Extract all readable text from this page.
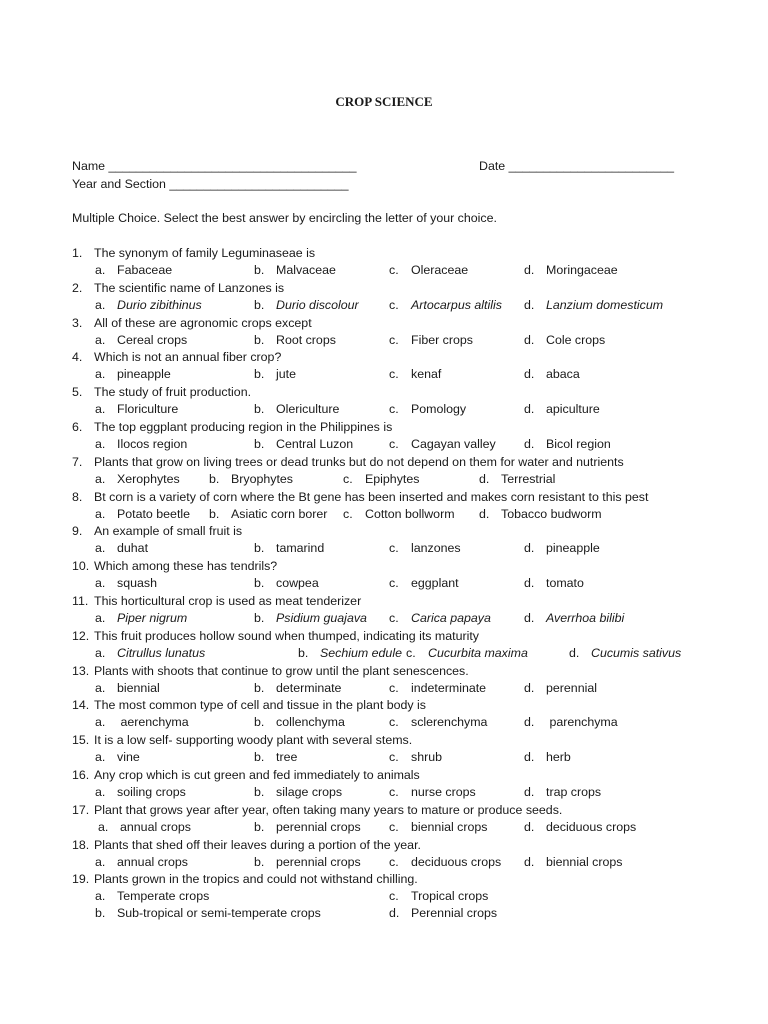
CROP SCIENCE
Name ____________________________________	Date ________________________
Year and Section __________________________
Multiple Choice. Select the best answer by encircling the letter of your choice.
1. The synonym of family Leguminaseae is
a. Fabaceae	b. Malvaceae	c. Oleraceae	d. Moringaceae
2. The scientific name of Lanzones is
a. Durio zibithinus	b. Durio discolour c. Artocarpus altilis d. Lanzium domesticum
3. All of these are agronomic crops except
a. Cereal crops	b. Root crops	c. Fiber crops	d. Cole crops
4. Which is not an annual fiber crop?
a. pineapple	b. jute	c. kenaf	d. abaca
5. The study of fruit production.
a. Floriculture	b. Olericulture	c. Pomology	d. apiculture
6. The top eggplant producing region in the Philippines is
a. Ilocos region	b. Central Luzon	c. Cagayan valley d. Bicol region
7. Plants that grow on living trees or dead trunks but do not depend on them for water and nutrients
a. Xerophytes b. Bryophytes	c. Epiphytes	d. Terrestrial
8. Bt corn is a variety of corn where the Bt gene has been inserted and makes corn resistant to this pest
a. Potato beetle b. Asiatic corn borer c. Cotton bollworm d. Tobacco budworm
9. An example of small fruit is
a. duhat	b. tamarind	c. lanzones	d. pineapple
10. Which among these has tendrils?
a. squash	b. cowpea	c. eggplant	d. tomato
11. This horticultural crop is used as meat tenderizer
a. Piper nigrum	b. Psidium guajava c. Carica papaya	d. Averrhoa bilibi
12. This fruit produces hollow sound when thumped, indicating its maturity
a. Citrullus lunatus	b. Sechium edule c. Cucurbita maxima	d. Cucumis sativus
13. Plants with shoots that continue to grow until the plant senescences.
a. biennial	b. determinate	c. indeterminate	d. perennial
14. The most common type of cell and tissue in the plant body is
a. aerenchyma	b. collenchyma	c. sclerenchyma	d. parenchyma
15. It is a low self- supporting woody plant with several stems.
a. vine	b. tree	c. shrub	d. herb
16. Any crop which is cut green and fed immediately to animals
a. soiling crops	b. silage crops	c. nurse crops	d. trap crops
17. Plant that grows year after year, often taking many years to mature or produce seeds.
a. annual crops	b. perennial crops c. biennial crops	d. deciduous crops
18. Plants that shed off their leaves during a portion of the year.
a. annual crops	b. perennial crops c. deciduous crops d. biennial crops
19. Plants grown in the tropics and could not withstand chilling.
a. Temperate crops	c. Tropical crops
b. Sub-tropical or semi-temperate crops	d. Perennial crops
